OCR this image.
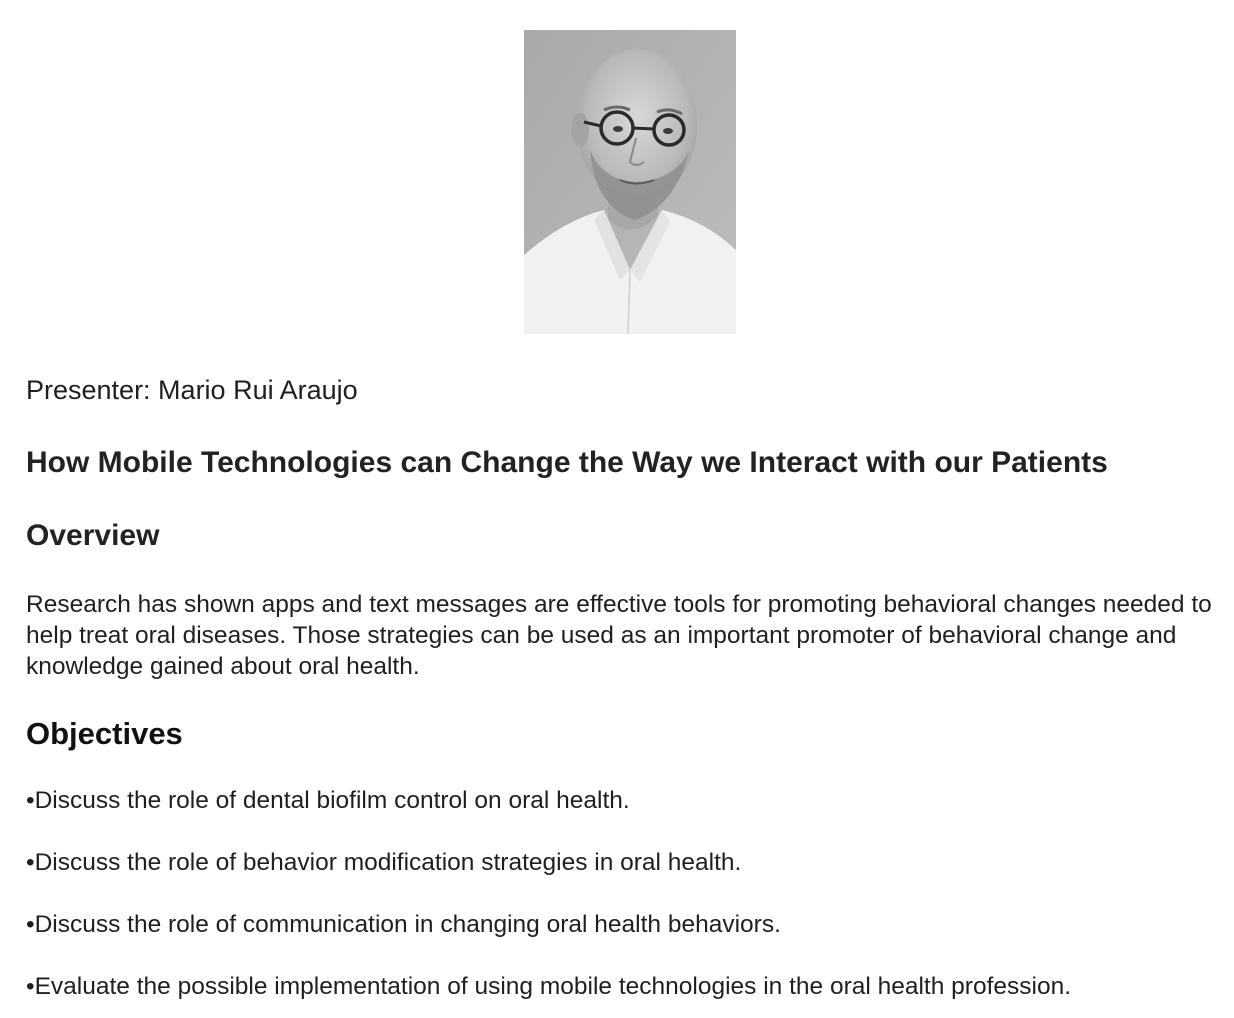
Presenter: Mario Rui Araujo

How Mobile Technologies can Change the Way we Interact with our Patients
Overview

Research has shown apps and text messages are effective tools for promoting behavioral changes needed to help treat oral diseases. Those strategies can be used as an important promoter of behavioral change and knowledge gained about oral health.

Objectives

•Discuss the role of dental biofilm control on oral health.

•Discuss the role of behavior modification strategies in oral health.

•Discuss the role of communication in changing oral health behaviors.

•Evaluate the possible implementation of using mobile technologies in the oral health profession.
